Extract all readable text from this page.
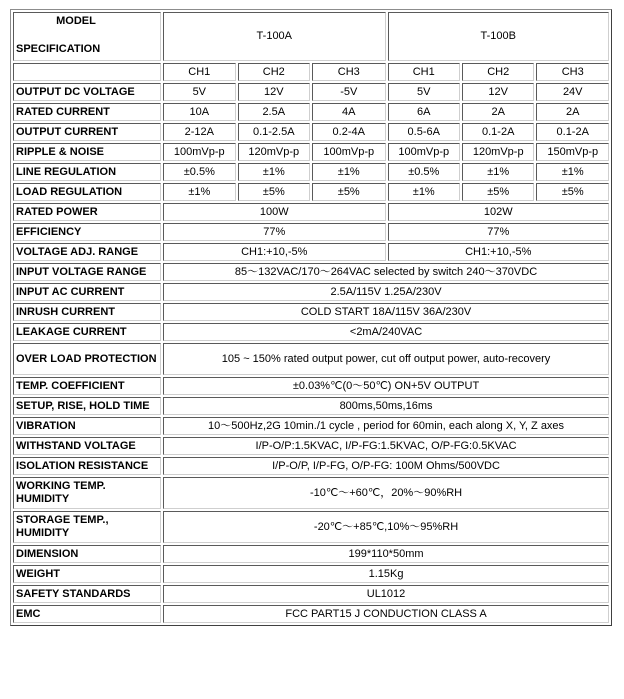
MODEL
SPECIFICATION	T-100A			T-100B		
	CH1	CH2	CH3	CH1	CH2	CH3
OUTPUT DC VOLTAGE	5V	12V	-5V	5V	12V	24V
RATED CURRENT	10A	2.5A	4A	6A	2A	2A
OUTPUT CURRENT	2-12A	0.1-2.5A	0.2-4A	0.5-6A	0.1-2A	0.1-2A
RIPPLE & NOISE	100mVp-p	120mVp-p	100mVp-p	100mVp-p	120mVp-p	150mVp-p
LINE REGULATION	±0.5%	±1%	±1%	±0.5%	±1%	±1%
LOAD REGULATION	±1%	±5%	±5%	±1%	±5%	±5%
RATED POWER	100W			102W		
EFFICIENCY	77%			77%		
VOLTAGE ADJ. RANGE	CH1:+10,-5%			CH1:+10,-5%		
INPUT VOLTAGE RANGE	85～132VAC/170～264VAC selected by switch 240～370VDC					
INPUT AC CURRENT	2.5A/115V 1.25A/230V					
INRUSH CURRENT	COLD START 18A/115V 36A/230V					
LEAKAGE CURRENT	<2mA/240VAC					
OVER LOAD PROTECTION	105 ~ 150% rated output power, cut off output power, auto-recovery					
TEMP. COEFFICIENT	±0.03%℃(0～50℃) ON+5V OUTPUT					
SETUP, RISE, HOLD TIME	800ms,50ms,16ms					
VIBRATION	10～500Hz,2G 10min./1 cycle , period for 60min, each along X, Y, Z axes					
WITHSTAND VOLTAGE	I/P-O/P:1.5KVAC, I/P-FG:1.5KVAC, O/P-FG:0.5KVAC					
ISOLATION RESISTANCE	I/P-O/P, I/P-FG, O/P-FG: 100M Ohms/500VDC					
WORKING TEMP. HUMIDITY	-10℃～+60℃，20%～90%RH					
STORAGE TEMP., HUMIDITY	-20℃～+85℃,10%～95%RH					
DIMENSION	199*110*50mm					
WEIGHT	1.15Kg					
SAFETY STANDARDS	UL1012					
EMC	FCC PART15 J CONDUCTION CLASS A					
